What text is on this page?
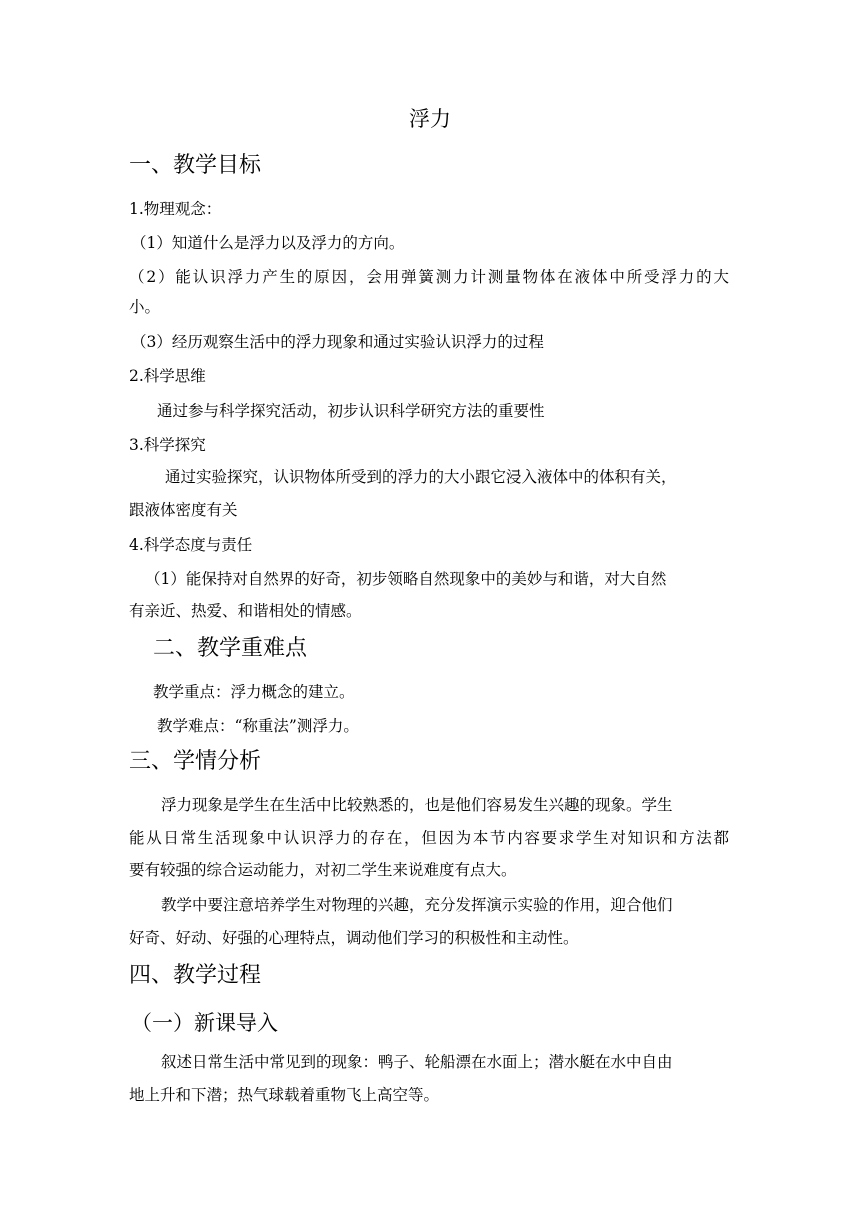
浮力
一、教学目标
1.物理观念：
（1）知道什么是浮力以及浮力的方向。
（2）能认识浮力产生的原因，会用弹簧测力计测量物体在液体中所受浮力的大
小。
（3）经历观察生活中的浮力现象和通过实验认识浮力的过程
2.科学思维
通过参与科学探究活动，初步认识科学研究方法的重要性
3.科学探究
通过实验探究，认识物体所受到的浮力的大小跟它浸入液体中的体积有关，
跟液体密度有关
4.科学态度与责任
（1）能保持对自然界的好奇，初步领略自然现象中的美妙与和谐，对大自然
有亲近、热爱、和谐相处的情感。
二、教学重难点
教学重点：浮力概念的建立。
教学难点：“称重法”测浮力。
三、学情分析
浮力现象是学生在生活中比较熟悉的，也是他们容易发生兴趣的现象。学生
能从日常生活现象中认识浮力的存在，但因为本节内容要求学生对知识和方法都
要有较强的综合运动能力，对初二学生来说难度有点大。
教学中要注意培养学生对物理的兴趣，充分发挥演示实验的作用，迎合他们
好奇、好动、好强的心理特点，调动他们学习的积极性和主动性。
四、教学过程
（一）新课导入
叙述日常生活中常见到的现象：鸭子、轮船漂在水面上；潜水艇在水中自由
地上升和下潜；热气球载着重物飞上高空等。
